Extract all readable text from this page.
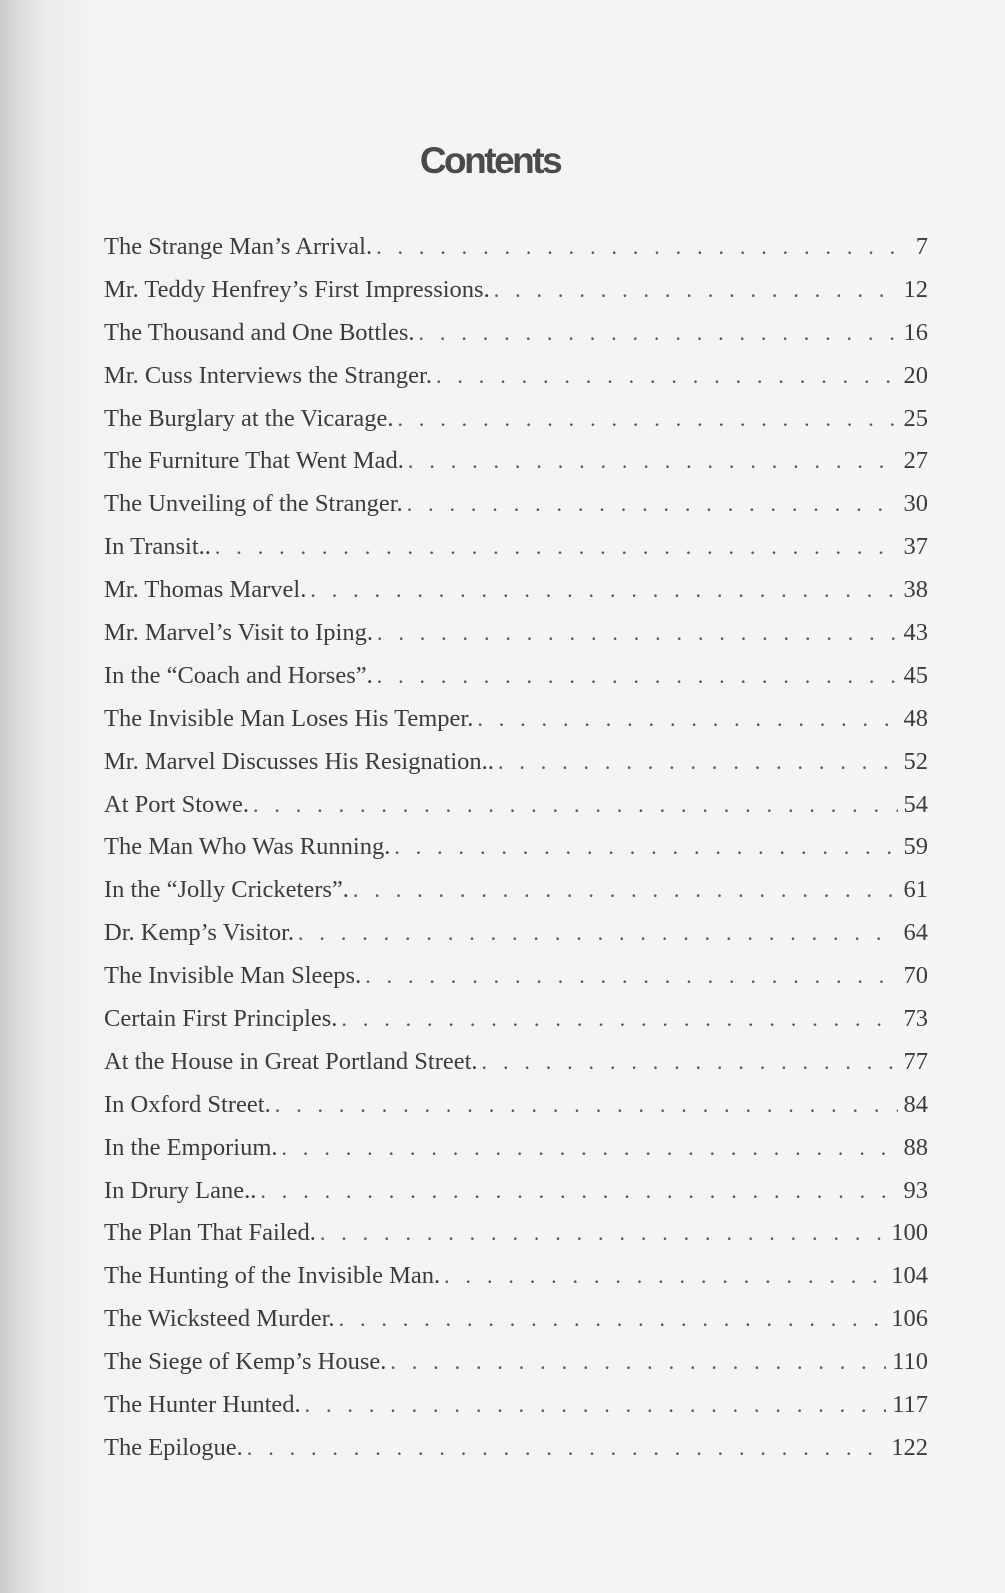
Contents
The Strange Man’s Arrival. . . .	7
Mr. Teddy Henfrey’s First Impressions. . . .	12
The Thousand and One Bottles. . . .	16
Mr. Cuss Interviews the Stranger. . . .	20
The Burglary at the Vicarage. . . .	25
The Furniture That Went Mad. . . .	27
The Unveiling of the Stranger. . . .	30
In Transit.. . . .	37
Mr. Thomas Marvel. . . .	38
Mr. Marvel’s Visit to Iping. . . .	43
In the “Coach and Horses”. . . .	45
The Invisible Man Loses His Temper. . . .	48
Mr. Marvel Discusses His Resignation.. . . .	52
At Port Stowe. . . .	54
The Man Who Was Running. . . .	59
In the “Jolly Cricketers”. . . .	61
Dr. Kemp’s Visitor. . . .	64
The Invisible Man Sleeps. . . .	70
Certain First Principles. . . .	73
At the House in Great Portland Street. . . .	77
In Oxford Street. . . .	84
In the Emporium. . . .	88
In Drury Lane.. . . .	93
The Plan That Failed. . . .	100
The Hunting of the Invisible Man. . . .	104
The Wicksteed Murder. . . .	106
The Siege of Kemp’s House. . . .	110
The Hunter Hunted. . . .	117
The Epilogue. . . .	122
